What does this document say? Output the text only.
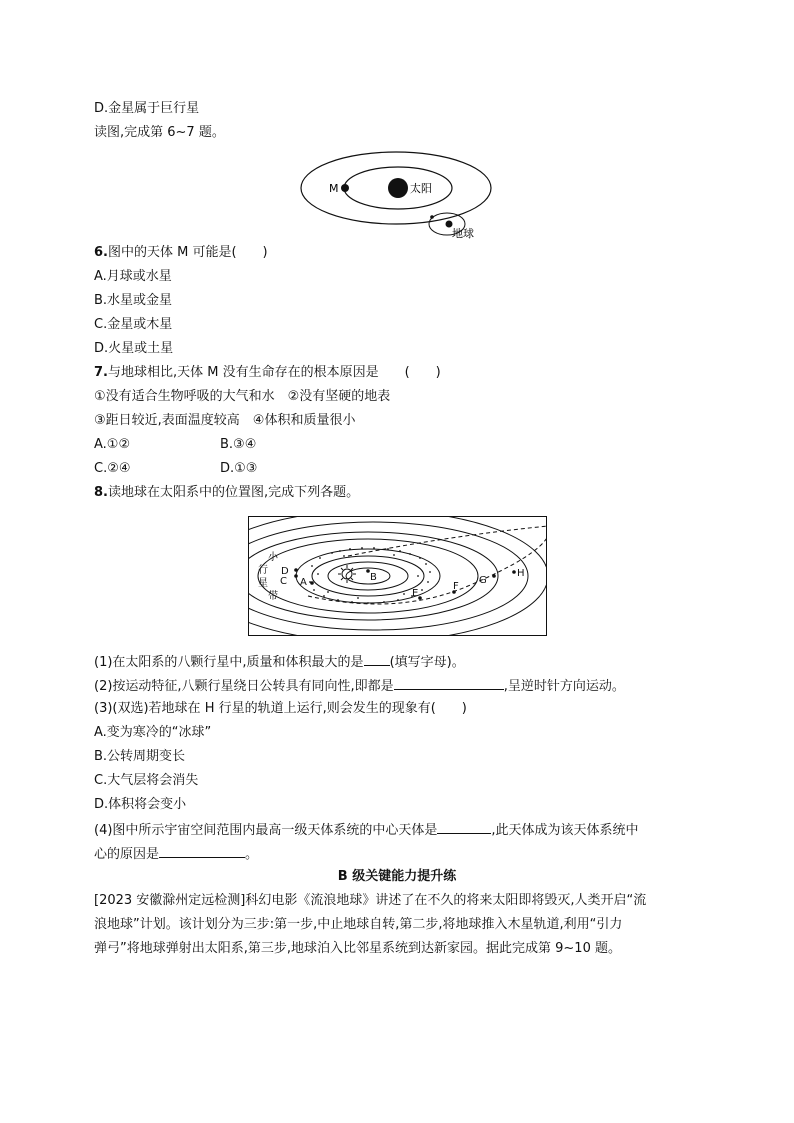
D.金星属于巨行星
读图,完成第 6~7 题。
太阳
M
地球
6.图中的天体 M 可能是(　　)
A.月球或水星
B.水星或金星
C.金星或木星
D.火星或土星
7.与地球相比,天体 M 没有生命存在的根本原因是　　(　　)
①没有适合生物呼吸的大气和水　②没有坚硬的地表
③距日较近,表面温度较高　④体积和质量很小
A.①②	B.③④
C.②④	D.①③
8.读地球在太阳系中的位置图,完成下列各题。
小
行
星
带
A	B
C
D
E
F
G
H
(1)在太阳系的八颗行星中,质量和体积最大的是 (填写字母)。
(2)按运动特征,八颗行星绕日公转具有同向性,即都是	,呈逆时针方向运动。
(3)(双选)若地球在 H 行星的轨道上运行,则会发生的现象有(　　)
A.变为寒冷的“冰球”
B.公转周期变长
C.大气层将会消失
D.体积将会变小
(4)图中所示宇宙空间范围内最高一级天体系统的中心天体是	,此天体成为该天体系统中
心的原因是	。
B 级关键能力提升练
[2023 安徽滁州定远检测]科幻电影《流浪地球》讲述了在不久的将来太阳即将毁灭,人类开启“流
浪地球”计划。该计划分为三步:第一步,中止地球自转,第二步,将地球推入木星轨道,利用“引力
弹弓”将地球弹射出太阳系,第三步,地球泊入比邻星系统到达新家园。据此完成第 9~10 题。
